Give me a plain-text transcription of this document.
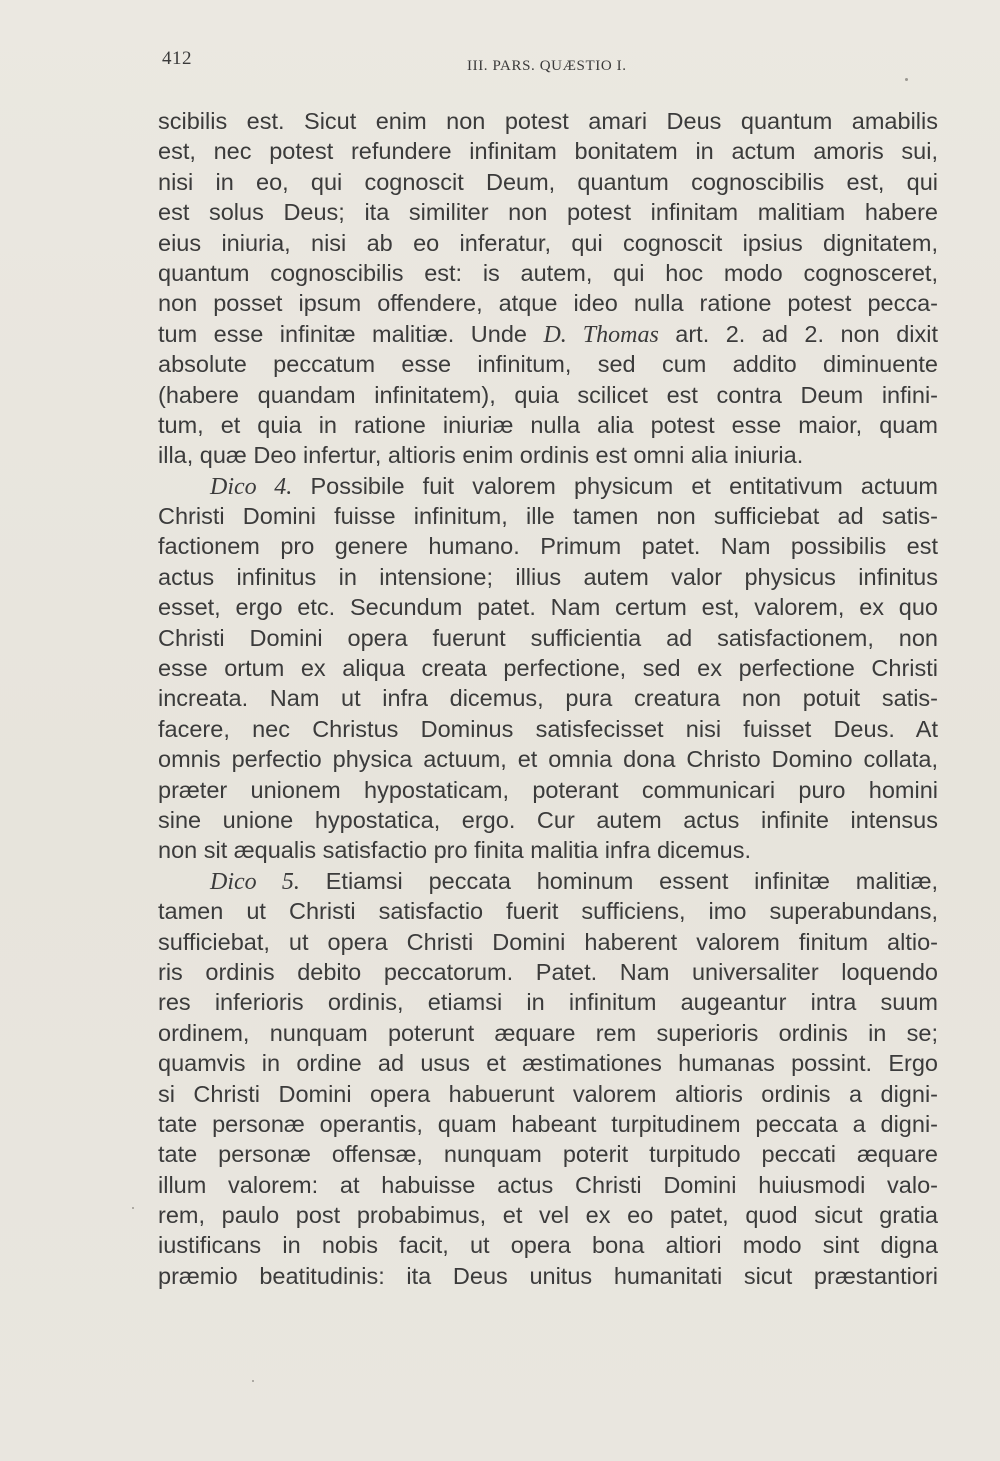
412	III. PARS. QUÆSTIO I.
scibilis est. Sicut enim non potest amari Deus quantum amabilis
est, nec potest refundere infinitam bonitatem in actum amoris sui,
nisi in eo, qui cognoscit Deum, quantum cognoscibilis est, qui
est solus Deus; ita similiter non potest infinitam malitiam habere
eius iniuria, nisi ab eo inferatur, qui cognoscit ipsius dignitatem,
quantum cognoscibilis est: is autem, qui hoc modo cognosceret,
non posset ipsum offendere, atque ideo nulla ratione potest pecca-
tum esse infinitæ malitiæ. Unde D. Thomas art. 2. ad 2. non dixit
absolute peccatum esse infinitum, sed cum addito diminuente
(habere quandam infinitatem), quia scilicet est contra Deum infini-
tum, et quia in ratione iniuriæ nulla alia potest esse maior, quam
illa, quæ Deo infertur, altioris enim ordinis est omni alia iniuria.
Dico 4. Possibile fuit valorem physicum et entitativum actuum
Christi Domini fuisse infinitum, ille tamen non sufficiebat ad satis-
factionem pro genere humano. Primum patet. Nam possibilis est
actus infinitus in intensione; illius autem valor physicus infinitus
esset, ergo etc. Secundum patet. Nam certum est, valorem, ex quo
Christi Domini opera fuerunt sufficientia ad satisfactionem, non
esse ortum ex aliqua creata perfectione, sed ex perfectione Christi
increata. Nam ut infra dicemus, pura creatura non potuit satis-
facere, nec Christus Dominus satisfecisset nisi fuisset Deus. At
omnis perfectio physica actuum, et omnia dona Christo Domino collata,
præter unionem hypostaticam, poterant communicari puro homini
sine unione hypostatica, ergo. Cur autem actus infinite intensus
non sit æqualis satisfactio pro finita malitia infra dicemus.
Dico 5. Etiamsi peccata hominum essent infinitæ malitiæ,
tamen ut Christi satisfactio fuerit sufficiens, imo superabundans,
sufficiebat, ut opera Christi Domini haberent valorem finitum altio-
ris ordinis debito peccatorum. Patet. Nam universaliter loquendo
res inferioris ordinis, etiamsi in infinitum augeantur intra suum
ordinem, nunquam poterunt æquare rem superioris ordinis in se;
quamvis in ordine ad usus et æstimationes humanas possint. Ergo
si Christi Domini opera habuerunt valorem altioris ordinis a digni-
tate personæ operantis, quam habeant turpitudinem peccata a digni-
tate personæ offensæ, nunquam poterit turpitudo peccati æquare
illum valorem: at habuisse actus Christi Domini huiusmodi valo-
rem, paulo post probabimus, et vel ex eo patet, quod sicut gratia
iustificans in nobis facit, ut opera bona altiori modo sint digna
præmio beatitudinis: ita Deus unitus humanitati sicut præstantiori
